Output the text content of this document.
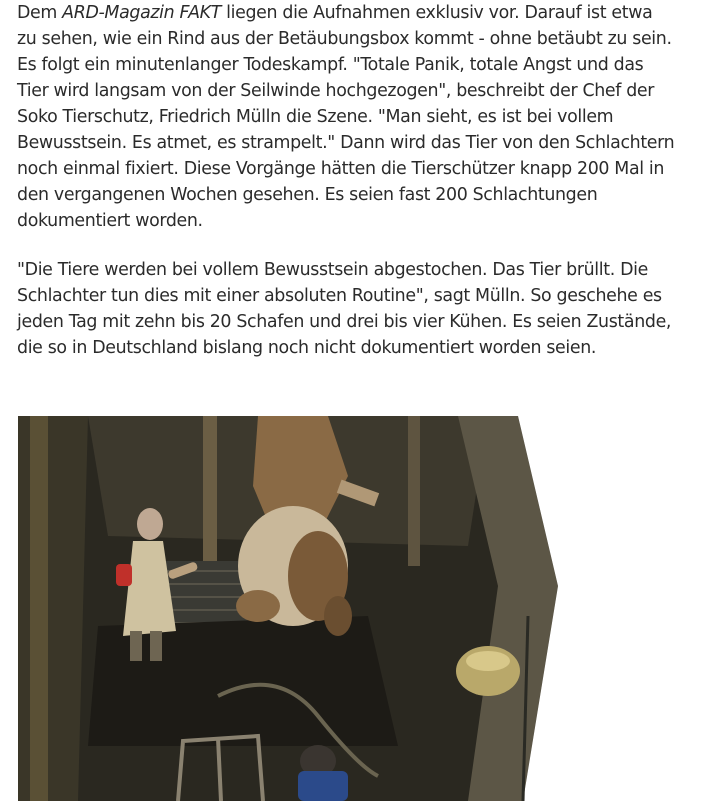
Dem ARD-Magazin FAKT liegen die Aufnahmen exklusiv vor. Darauf ist etwa
zu sehen, wie ein Rind aus der Betäubungsbox kommt - ohne betäubt zu sein.
Es folgt ein minutenlanger Todeskampf. "Totale Panik, totale Angst und das
Tier wird langsam von der Seilwinde hochgezogen", beschreibt der Chef der
Soko Tierschutz, Friedrich Mülln die Szene. "Man sieht, es ist bei vollem
Bewusstsein. Es atmet, es strampelt." Dann wird das Tier von den Schlachtern
noch einmal fixiert. Diese Vorgänge hätten die Tierschützer knapp 200 Mal in
den vergangenen Wochen gesehen. Es seien fast 200 Schlachtungen
dokumentiert worden.

"Die Tiere werden bei vollem Bewusstsein abgestochen. Das Tier brüllt. Die
Schlachter tun dies mit einer absoluten Routine", sagt Mülln. So geschehe es
jeden Tag mit zehn bis 20 Schafen und drei bis vier Kühen. Es seien Zustände,
die so in Deutschland bislang noch nicht dokumentiert worden seien.
